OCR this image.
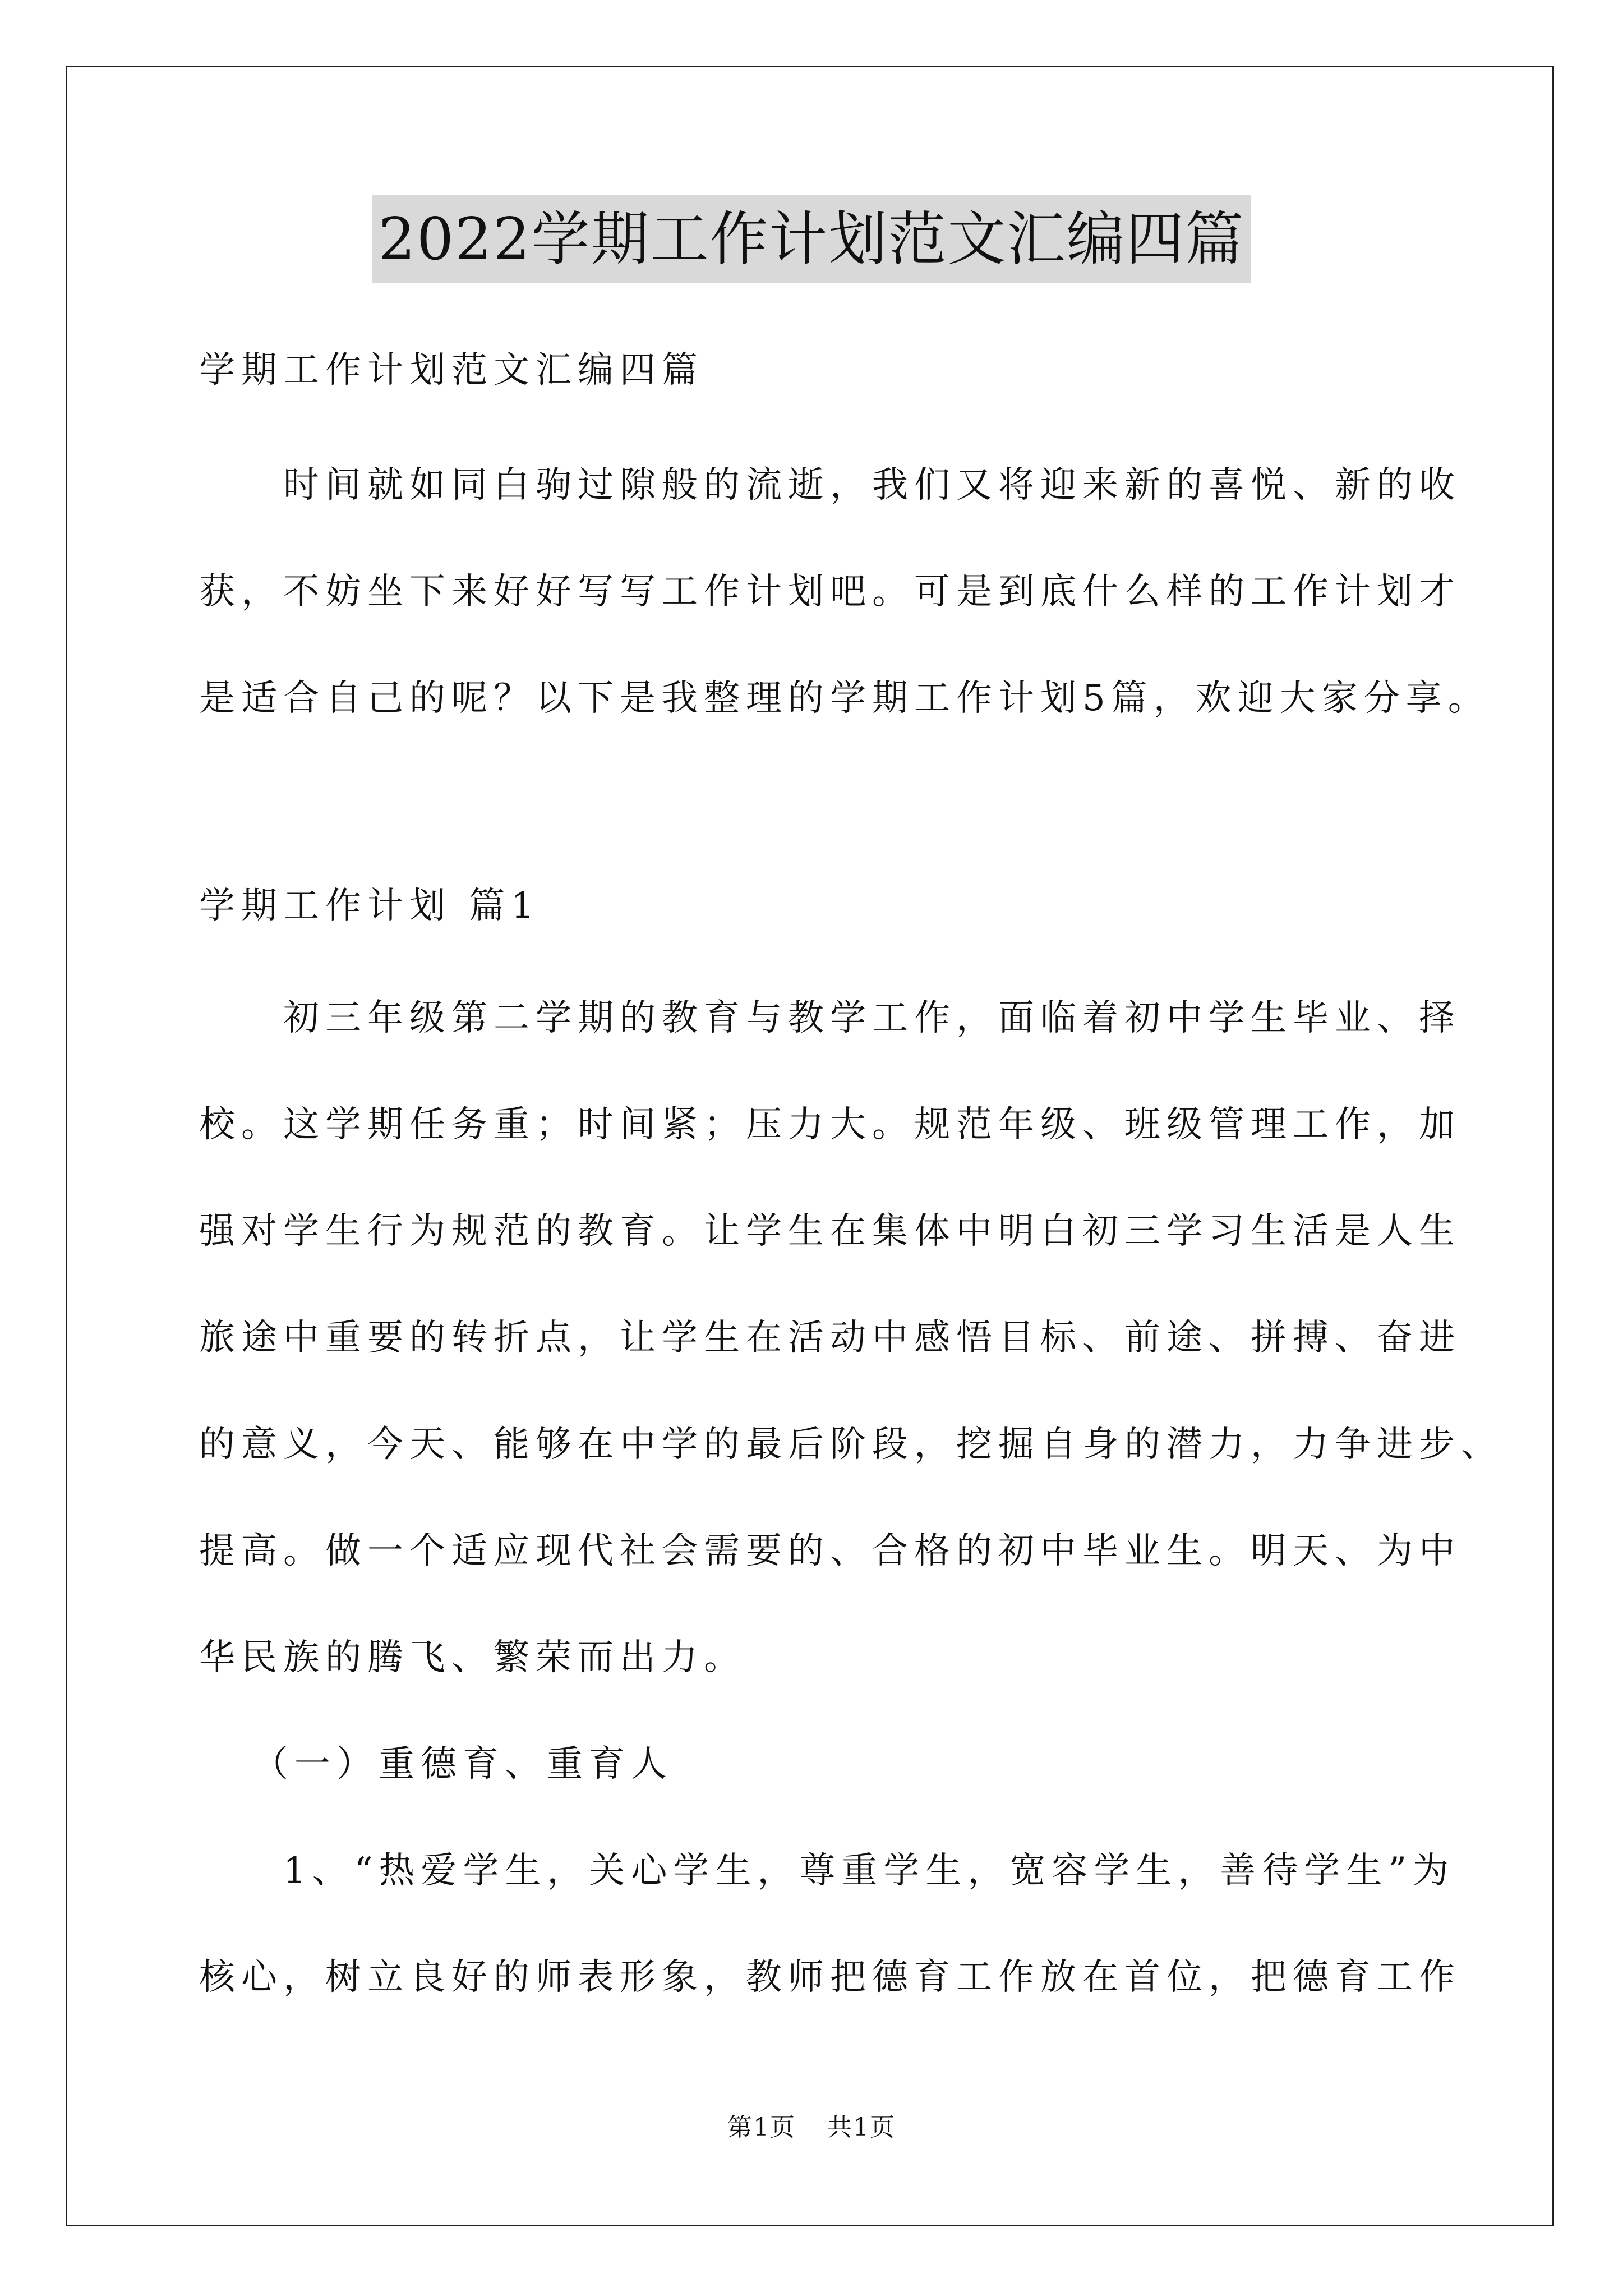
2022学期工作计划范文汇编四篇
学期工作计划范文汇编四篇
时间就如同白驹过隙般的流逝，我们又将迎来新的喜悦、新的收
获，不妨坐下来好好写写工作计划吧。可是到底什么样的工作计划才
是适合自己的呢？以下是我整理的学期工作计划5篇，欢迎大家分享。
学期工作计划 篇1
初三年级第二学期的教育与教学工作，面临着初中学生毕业、择
校。这学期任务重；时间紧；压力大。规范年级、班级管理工作，加
强对学生行为规范的教育。让学生在集体中明白初三学习生活是人生
旅途中重要的转折点，让学生在活动中感悟目标、前途、拼搏、奋进
的意义，今天、能够在中学的最后阶段，挖掘自身的潜力，力争进步、
提高。做一个适应现代社会需要的、合格的初中毕业生。明天、为中
华民族的腾飞、繁荣而出力。
（一）重德育、重育人
1、“热爱学生，关心学生，尊重学生，宽容学生，善待学生”为
核心，树立良好的师表形象，教师把德育工作放在首位，把德育工作
第1页 共1页
